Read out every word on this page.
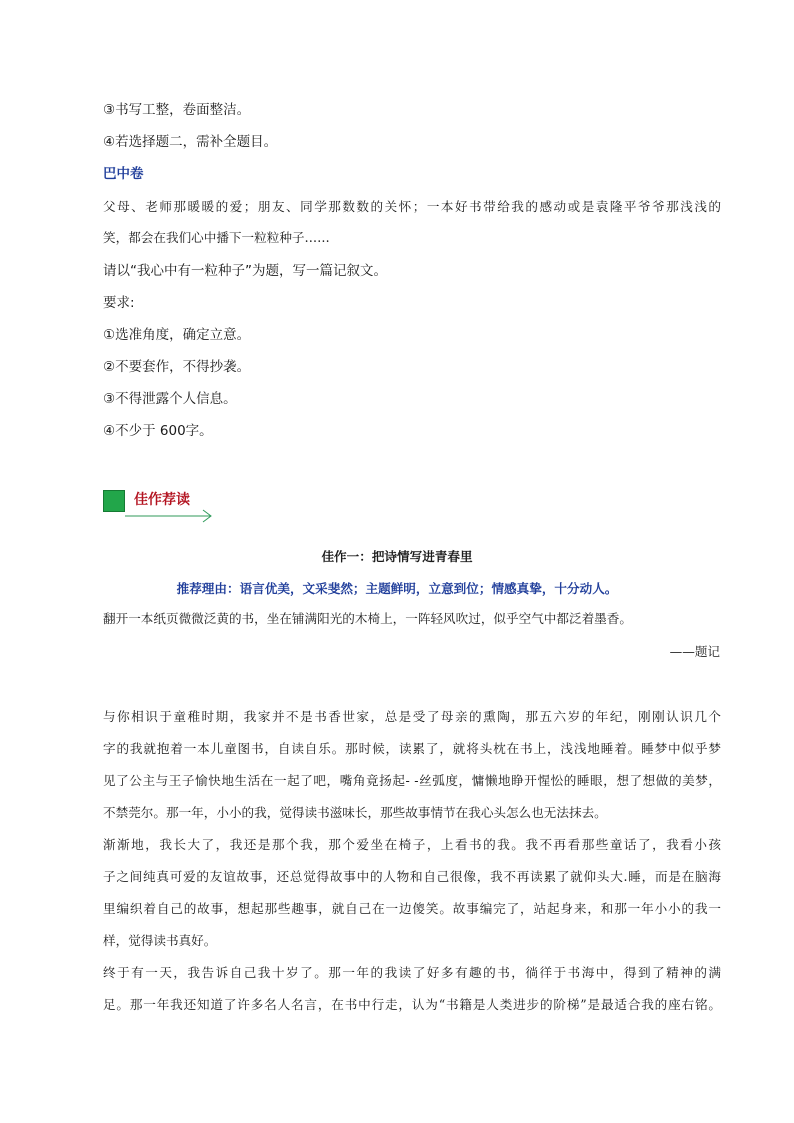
③书写工整，卷面整洁。
④若选择题二，需补全题目。
巴中卷
父母、老师那暖暖的爱；朋友、同学那数数的关怀；一本好书带给我的感动或是袁隆平爷爷那浅浅的
笑，都会在我们心中播下一粒粒种子……
请以“我心中有一粒种子”为题，写一篇记叙文。
要求:
①选准角度，确定立意。
②不要套作，不得抄袭。
③不得泄露个人信息。
④不少于 600字。
佳作荐读
佳作一：把诗情写进青春里
推荐理由：语言优美，文采斐然；主题鲜明，立意到位；情感真挚，十分动人。
翻开一本纸页微微泛黄的书，坐在铺满阳光的木椅上，一阵轻风吹过，似乎空气中都泛着墨香。
——题记
与你相识于童稚时期，我家并不是书香世家，总是受了母亲的熏陶，那五六岁的年纪，刚刚认识几个
字的我就抱着一本儿童图书，自读自乐。那时候，读累了，就将头枕在书上，浅浅地睡着。睡梦中似乎梦
见了公主与王子愉快地生活在一起了吧，嘴角竟扬起- -丝弧度，慵懒地睁开惺忪的睡眼，想了想做的美梦，
不禁莞尔。那一年，小小的我，觉得读书滋味长，那些故事情节在我心头怎么也无法抹去。
渐渐地，我长大了，我还是那个我，那个爱坐在椅子，上看书的我。我不再看那些童话了，我看小孩
子之间纯真可爱的友谊故事，还总觉得故事中的人物和自己很像，我不再读累了就仰头大.睡，而是在脑海
里编织着自己的故事，想起那些趣事，就自己在一边傻笑。故事编完了，站起身来，和那一年小小的我一
样，觉得读书真好。
终于有一天，我告诉自己我十岁了。那一年的我读了好多有趣的书，徜徉于书海中，得到了精神的满
足。那一年我还知道了许多名人名言，在书中行走，认为“书籍是人类进步的阶梯”是最适合我的座右铭。
